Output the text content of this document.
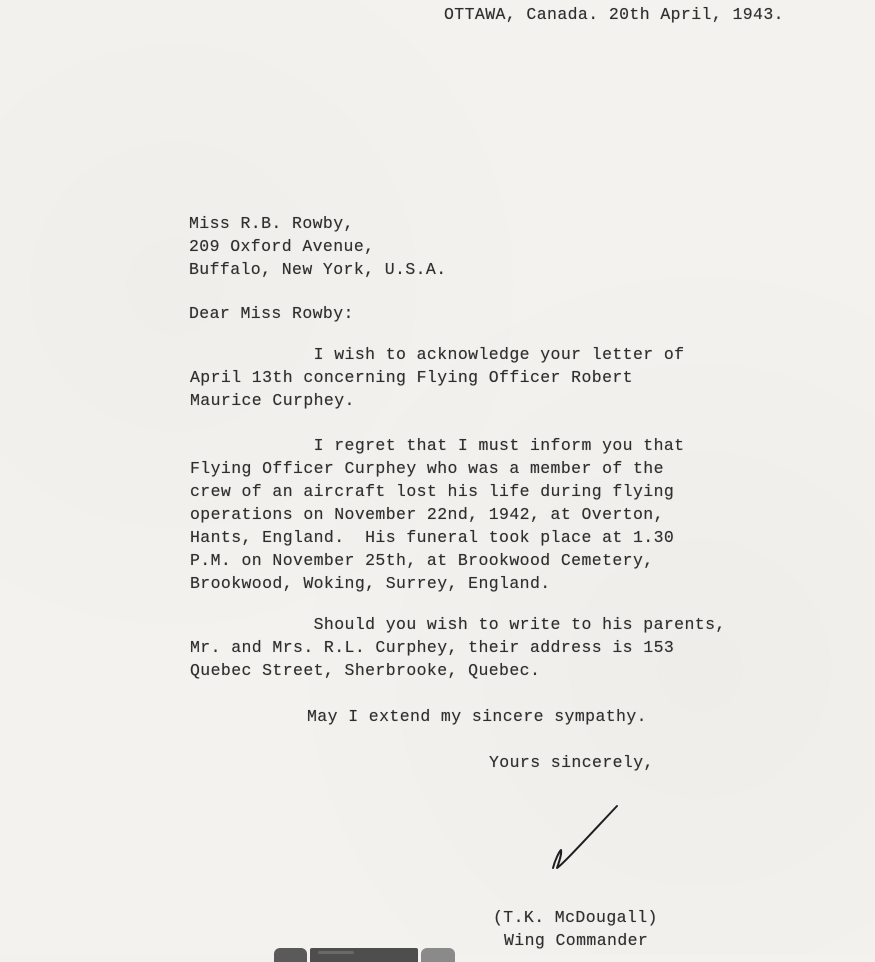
OTTAWA, Canada. 20th April, 1943.
Miss R.B. Rowby,
209 Oxford Avenue,
Buffalo, New York, U.S.A.
Dear Miss Rowby:
I wish to acknowledge your letter of
April 13th concerning Flying Officer Robert
Maurice Curphey.
I regret that I must inform you that
Flying Officer Curphey who was a member of the
crew of an aircraft lost his life during flying
operations on November 22nd, 1942, at Overton,
Hants, England.  His funeral took place at 1.30
P.M. on November 25th, at Brookwood Cemetery,
Brookwood, Woking, Surrey, England.
Should you wish to write to his parents,
Mr. and Mrs. R.L. Curphey, their address is 153
Quebec Street, Sherbrooke, Quebec.
May I extend my sincere sympathy.
Yours sincerely,
(T.K. McDougall)
Wing Commander
